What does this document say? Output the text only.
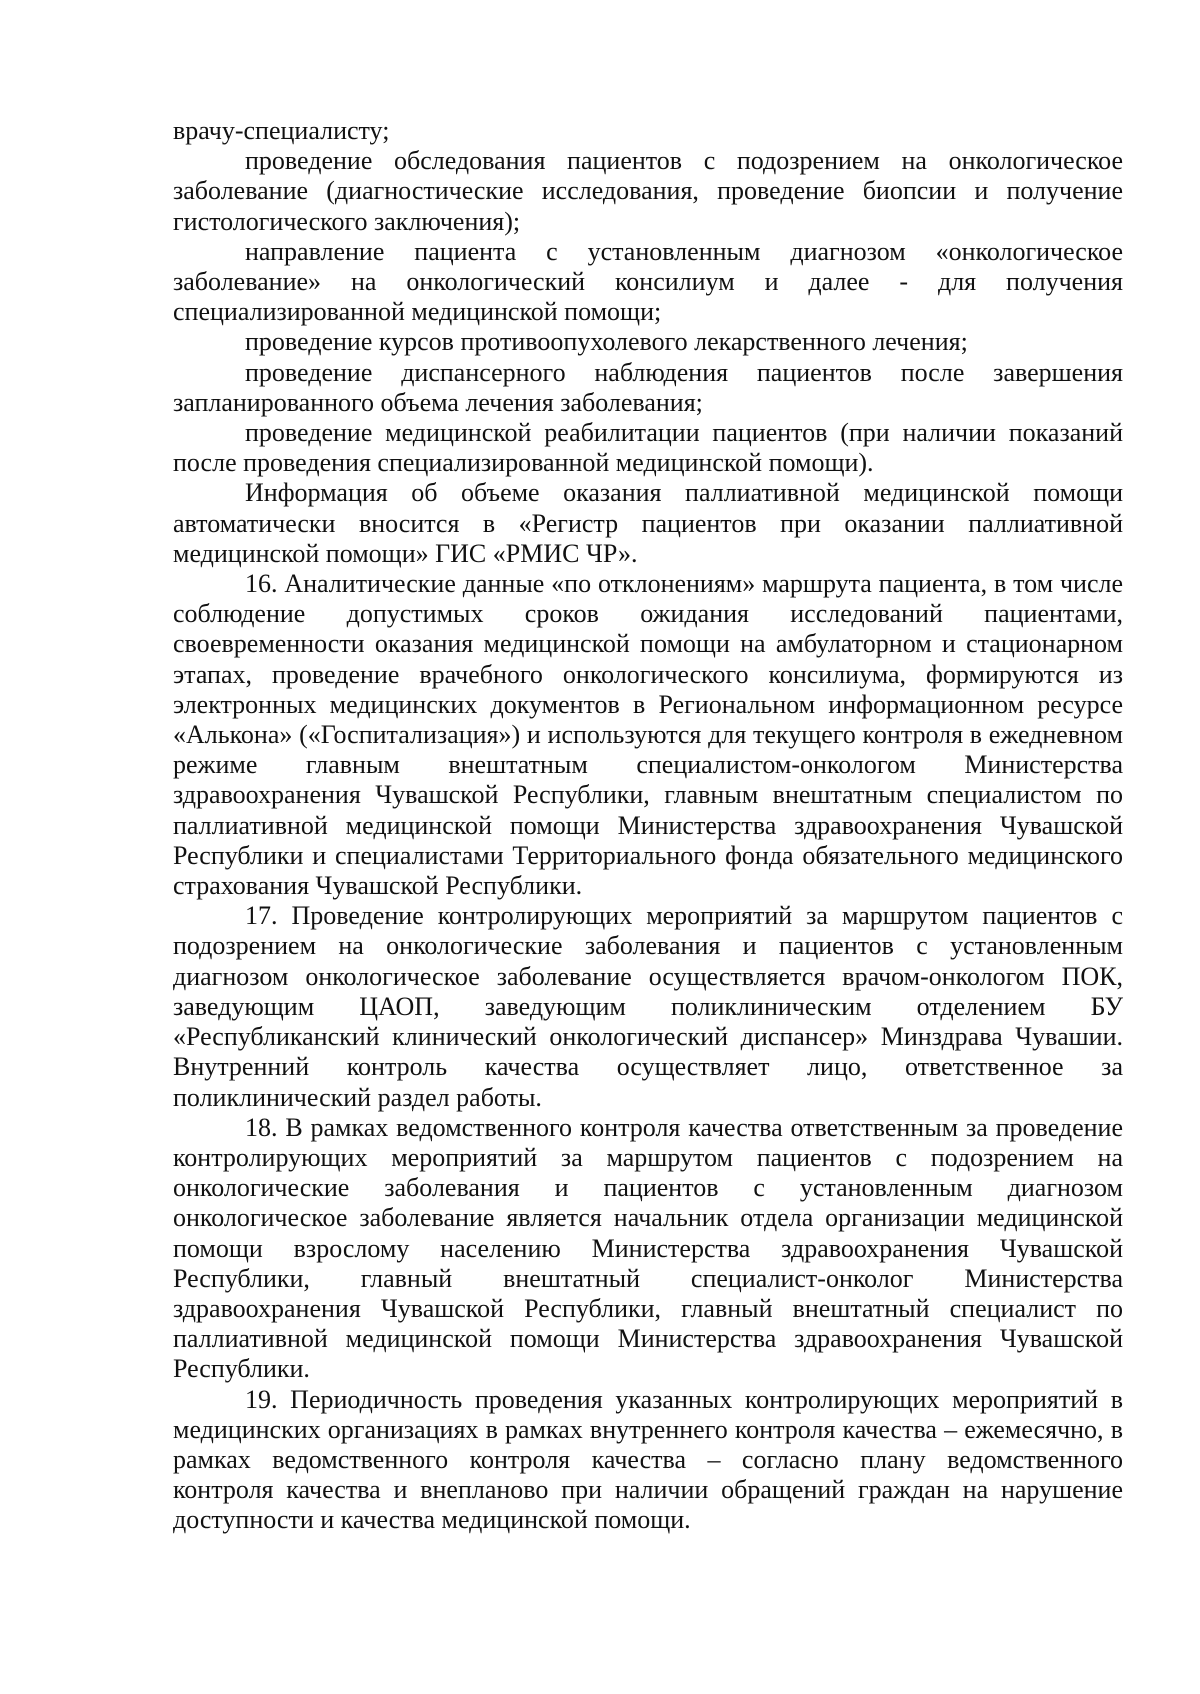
врачу-специалисту;

проведение обследования пациентов с подозрением на онкологическое заболевание (диагностические исследования, проведение биопсии и получение гистологического заключения);

направление пациента с установленным диагнозом «онкологическое заболевание» на онкологический консилиум и далее - для получения специализированной медицинской помощи;

проведение курсов противоопухолевого лекарственного лечения;

проведение диспансерного наблюдения пациентов после завершения запланированного объема лечения заболевания;

проведение медицинской реабилитации пациентов (при наличии показаний после проведения специализированной медицинской помощи).

Информация об объеме оказания паллиативной медицинской помощи автоматически вносится в «Регистр пациентов при оказании паллиативной медицинской помощи» ГИС «РМИС ЧР».

16. Аналитические данные «по отклонениям» маршрута пациента, в том числе соблюдение допустимых сроков ожидания исследований пациентами, своевременности оказания медицинской помощи на амбулаторном и стационарном этапах, проведение врачебного онкологического консилиума, формируются из электронных медицинских документов в Региональном информационном ресурсе «Алькона» («Госпитализация») и используются для текущего контроля в ежедневном режиме главным внештатным специалистом-онкологом Министерства здравоохранения Чувашской Республики, главным внештатным специалистом по паллиативной медицинской помощи Министерства здравоохранения Чувашской Республики и специалистами Территориального фонда обязательного медицинского страхования Чувашской Республики.

17. Проведение контролирующих мероприятий за маршрутом пациентов с подозрением на онкологические заболевания и пациентов с установленным диагнозом онкологическое заболевание осуществляется врачом-онкологом ПОК, заведующим ЦАОП, заведующим поликлиническим отделением БУ «Республиканский клинический онкологический диспансер» Минздрава Чувашии. Внутренний контроль качества осуществляет лицо, ответственное за поликлинический раздел работы.

18. В рамках ведомственного контроля качества ответственным за проведение контролирующих мероприятий за маршрутом пациентов с подозрением на онкологические заболевания и пациентов с установленным диагнозом онкологическое заболевание является начальник отдела организации медицинской помощи взрослому населению Министерства здравоохранения Чувашской Республики, главный внештатный специалист-онколог Министерства здравоохранения Чувашской Республики, главный внештатный специалист по паллиативной медицинской помощи Министерства здравоохранения Чувашской Республики.

19. Периодичность проведения указанных контролирующих мероприятий в медицинских организациях в рамках внутреннего контроля качества – ежемесячно, в рамках ведомственного контроля качества – согласно плану ведомственного контроля качества и внепланово при наличии обращений граждан на нарушение доступности и качества медицинской помощи.
